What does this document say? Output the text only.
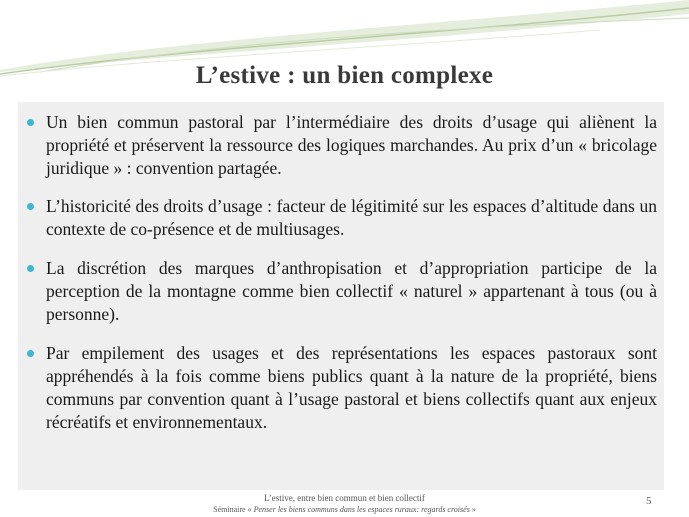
L’estive : un bien complexe
Un bien commun pastoral par l’intermédiaire des droits d’usage qui aliènent la propriété et préservent la ressource des logiques marchandes. Au prix d’un « bricolage juridique » : convention partagée.
L’historicité des droits d’usage : facteur de légitimité sur les espaces d’altitude dans un contexte de co-présence et de multiusages.
La discrétion des marques d’anthropisation et d’appropriation participe de la perception de la montagne comme bien collectif « naturel » appartenant à tous (ou à personne).
Par empilement des usages et des représentations les espaces pastoraux sont appréhendés à la fois comme biens publics quant à la nature de la propriété, biens communs par convention quant à l’usage pastoral et biens collectifs quant aux enjeux récréatifs et environnementaux.
L’estive, entre bien commun et bien collectif
Séminaire « Penser les biens communs dans les espaces ruraux: regards croisés »
5
